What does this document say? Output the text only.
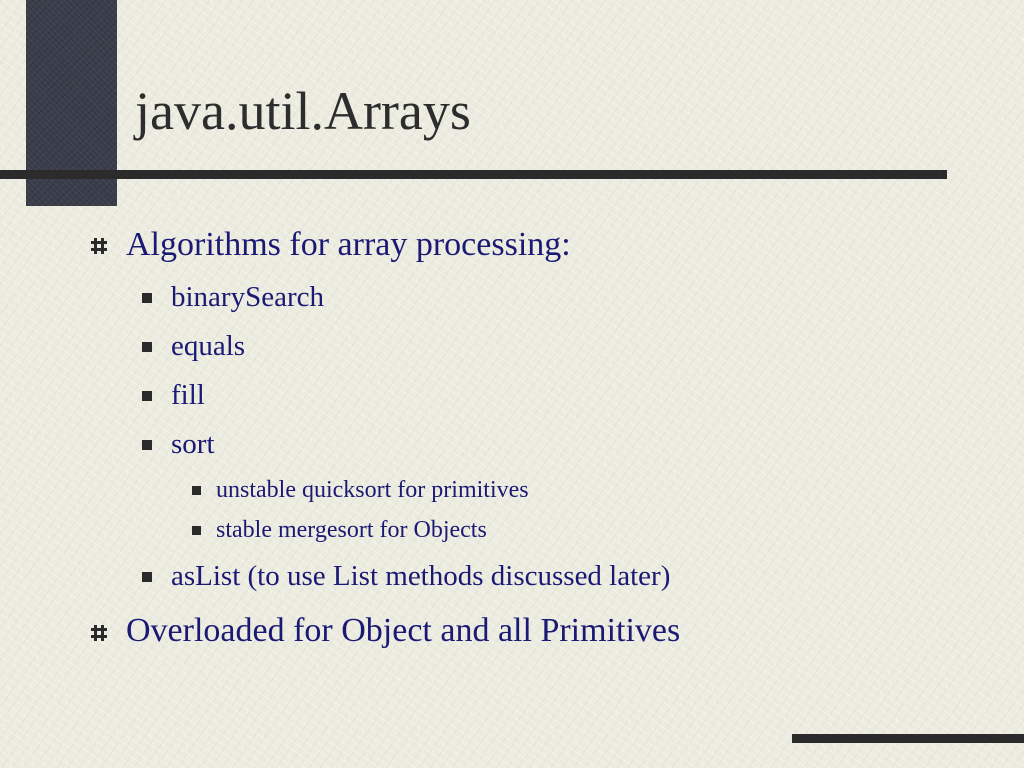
java.util.Arrays
Algorithms for array processing:
binarySearch
equals
fill
sort
unstable quicksort for primitives
stable mergesort for Objects
asList (to use List methods discussed later)
Overloaded for Object and all Primitives
